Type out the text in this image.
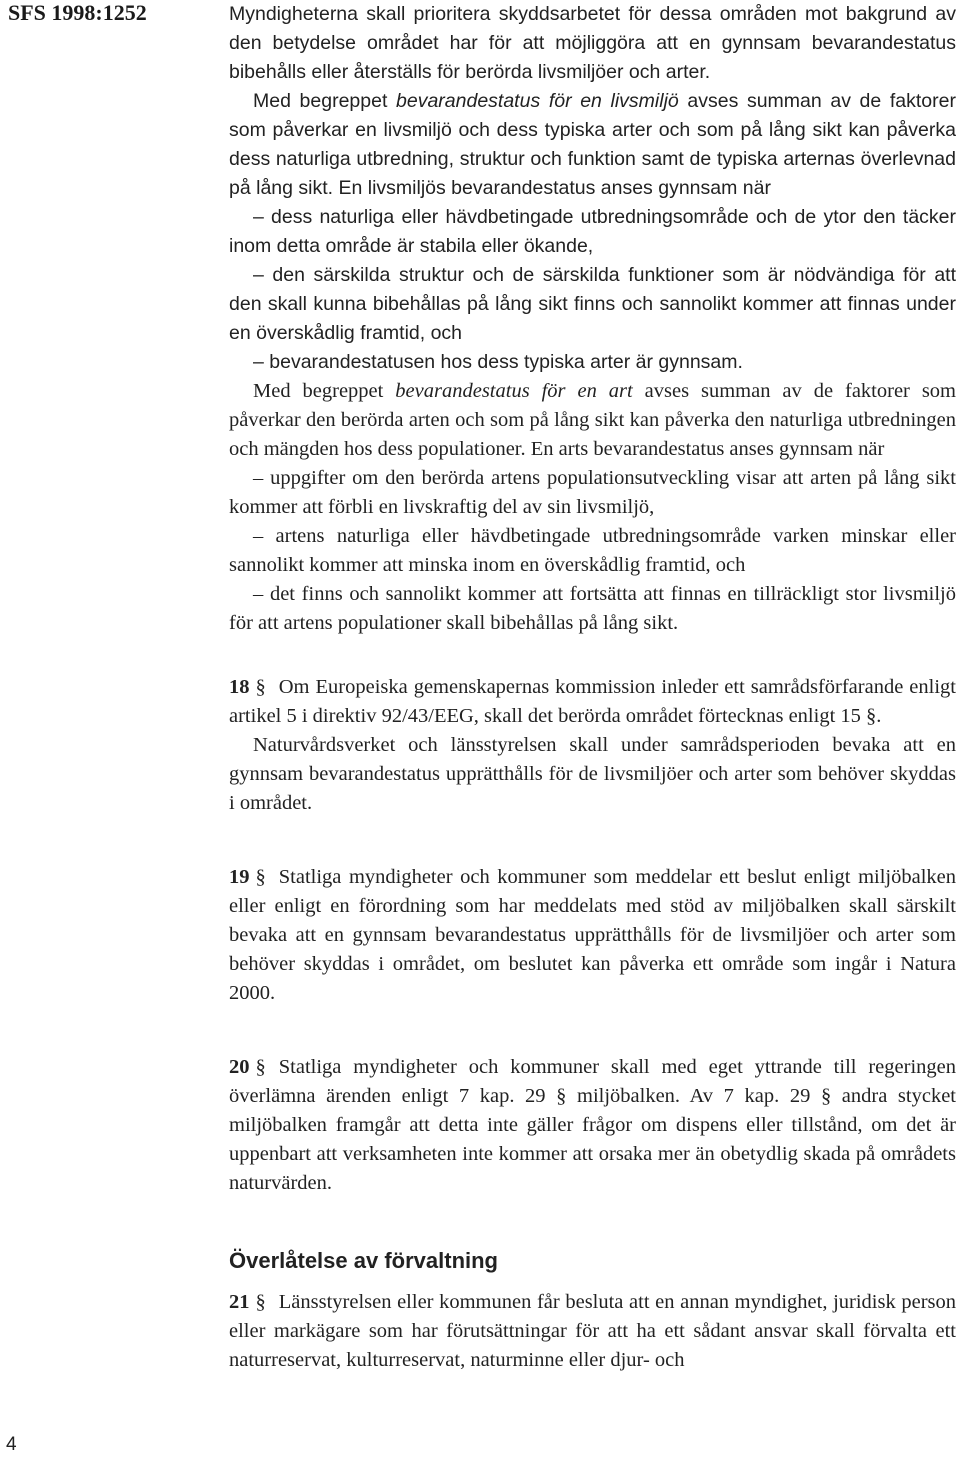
SFS 1998:1252
4

Myndigheterna skall prioritera skyddsarbetet för dessa områden mot bakgrund av den betydelse området har för att möjliggöra att en gynnsam bevarandestatus bibehålls eller återställs för berörda livsmiljöer och arter.

Med begreppet bevarandestatus för en livsmiljö avses summan av de faktorer som påverkar en livsmiljö och dess typiska arter och som på lång sikt kan påverka dess naturliga utbredning, struktur och funktion samt de typiska arternas överlevnad på lång sikt. En livsmiljös bevarandestatus anses gynnsam när

– dess naturliga eller hävdbetingade utbredningsområde och de ytor den täcker inom detta område är stabila eller ökande,

– den särskilda struktur och de särskilda funktioner som är nödvändiga för att den skall kunna bibehållas på lång sikt finns och sannolikt kommer att finnas under en överskådlig framtid, och

– bevarandestatusen hos dess typiska arter är gynnsam.

Med begreppet bevarandestatus för en art avses summan av de faktorer som påverkar den berörda arten och som på lång sikt kan påverka den naturliga utbredningen och mängden hos dess populationer. En arts bevarandestatus anses gynnsam när

– uppgifter om den berörda artens populationsutveckling visar att arten på lång sikt kommer att förbli en livskraftig del av sin livsmiljö,

– artens naturliga eller hävdbetingade utbredningsområde varken minskar eller sannolikt kommer att minska inom en överskådlig framtid, och

– det finns och sannolikt kommer att fortsätta att finnas en tillräckligt stor livsmiljö för att artens populationer skall bibehållas på lång sikt.

18 § Om Europeiska gemenskapernas kommission inleder ett samrådsförfarande enligt artikel 5 i direktiv 92/43/EEG, skall det berörda området förtecknas enligt 15 §.

Naturvårdsverket och länsstyrelsen skall under samrådsperioden bevaka att en gynnsam bevarandestatus upprätthålls för de livsmiljöer och arter som behöver skyddas i området.

19 § Statliga myndigheter och kommuner som meddelar ett beslut enligt miljöbalken eller enligt en förordning som har meddelats med stöd av miljöbalken skall särskilt bevaka att en gynnsam bevarandestatus upprätthålls för de livsmiljöer och arter som behöver skyddas i området, om beslutet kan påverka ett område som ingår i Natura 2000.

20 § Statliga myndigheter och kommuner skall med eget yttrande till regeringen överlämna ärenden enligt 7 kap. 29 § miljöbalken. Av 7 kap. 29 § andra stycket miljöbalken framgår att detta inte gäller frågor om dispens eller tillstånd, om det är uppenbart att verksamheten inte kommer att orsaka mer än obetydlig skada på områdets naturvärden.

Överlåtelse av förvaltning

21 § Länsstyrelsen eller kommunen får besluta att en annan myndighet, juridisk person eller markägare som har förutsättningar för att ha ett sådant ansvar skall förvalta ett naturreservat, kulturreservat, naturminne eller djur- och
